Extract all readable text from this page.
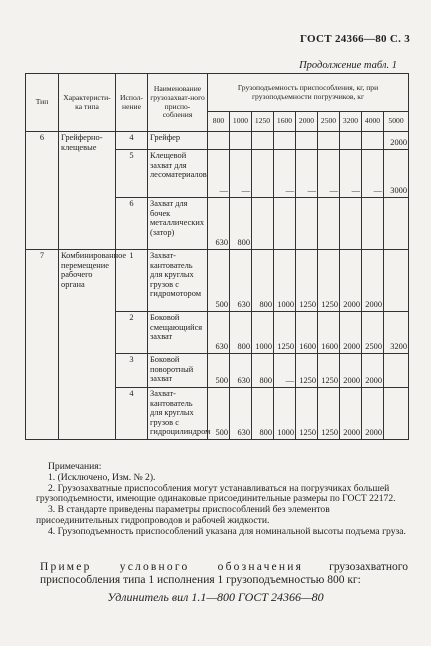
ГОСТ 24366—80 С. 3
Продолжение табл. 1
Тип	Характеристи-ка типа	Испол-нение	Наименование грузозахват-ного приспо-собления	Грузоподъемность приспособления, кг, при грузоподъемности погрузчиков, кг								
				800	1000	1250	1600	2000	2500	3200	4000	5000
6	Грейферно-клещевые	4	Грейфер									2000
		5	Клещевой захват для лесоматериалов	—	—		—	—	—	—	—	3000
		6	Захват для бочек металлических (затор)	630	800							
7	Комбинированное перемещение рабочего органа	1	Захват-кантователь для круглых грузов с гидромотором	500	630	800	1000	1250	1250	2000	2000	
		2	Боковой смещающийся захват	630	800	1000	1250	1600	1600	2000	2500	3200
		3	Боковой поворотный захват	500	630	800	—	1250	1250	2000	2000	
		4	Захват-кантователь для круглых грузов с гидроцилиндром	500	630	800	1000	1250	1250	2000	2000	

Примечания:

1. (Исключено, Изм. № 2).

2. Грузозахватные приспособления могут устанавливаться на погрузчиках большей грузоподъемности, имеющие одинаковые присоединительные размеры по ГОСТ 22172.

3. В стандарте приведены параметры приспособлений без элементов присоединительных гидропроводов и рабочей жидкости.

4. Грузоподъемность приспособлений указана для номинальной высоты подъема груза.

Пример условного обозначения грузозахватного приспособления типа 1 исполнения 1 грузоподъемностью 800 кг:
Удлинитель вил 1.1—800 ГОСТ 24366—80
